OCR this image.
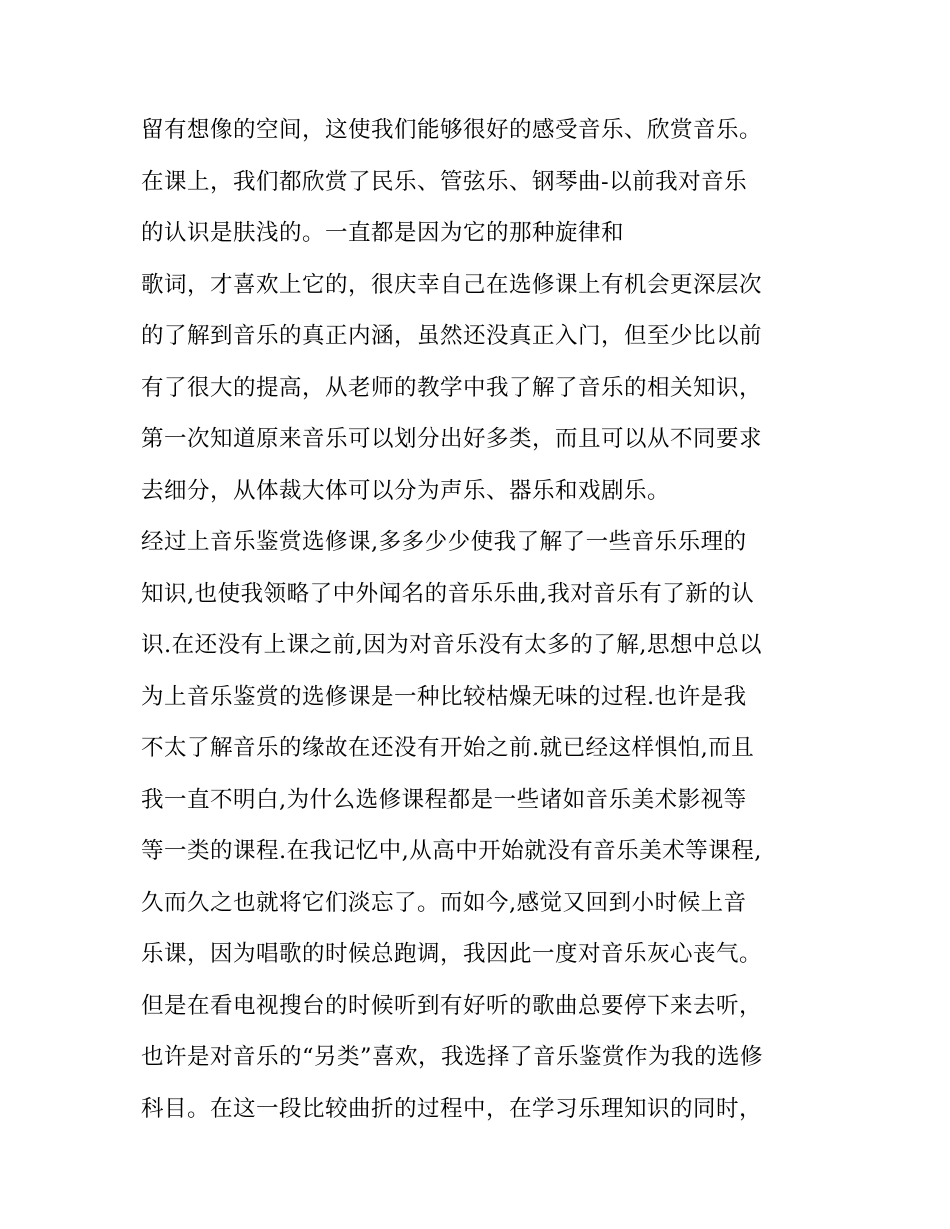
留有想像的空间，这使我们能够很好的感受音乐、欣赏音乐。
在课上，我们都欣赏了民乐、管弦乐、钢琴曲-以前我对音乐
的认识是肤浅的。一直都是因为它的那种旋律和
歌词，才喜欢上它的，很庆幸自己在选修课上有机会更深层次
的了解到音乐的真正内涵，虽然还没真正入门，但至少比以前
有了很大的提高，从老师的教学中我了解了音乐的相关知识，
第一次知道原来音乐可以划分出好多类，而且可以从不同要求
去细分，从体裁大体可以分为声乐、器乐和戏剧乐。
经过上音乐鉴赏选修课,多多少少使我了解了一些音乐乐理的
知识,也使我领略了中外闻名的音乐乐曲,我对音乐有了新的认
识.在还没有上课之前,因为对音乐没有太多的了解,思想中总以
为上音乐鉴赏的选修课是一种比较枯燥无味的过程.也许是我
不太了解音乐的缘故在还没有开始之前.就已经这样惧怕,而且
我一直不明白,为什么选修课程都是一些诸如音乐美术影视等
等一类的课程.在我记忆中,从高中开始就没有音乐美术等课程,
久而久之也就将它们淡忘了。而如今,感觉又回到小时候上音
乐课，因为唱歌的时候总跑调，我因此一度对音乐灰心丧气。
但是在看电视搜台的时候听到有好听的歌曲总要停下来去听，
也许是对音乐的“另类”喜欢，我选择了音乐鉴赏作为我的选修
科目。在这一段比较曲折的过程中，在学习乐理知识的同时，
